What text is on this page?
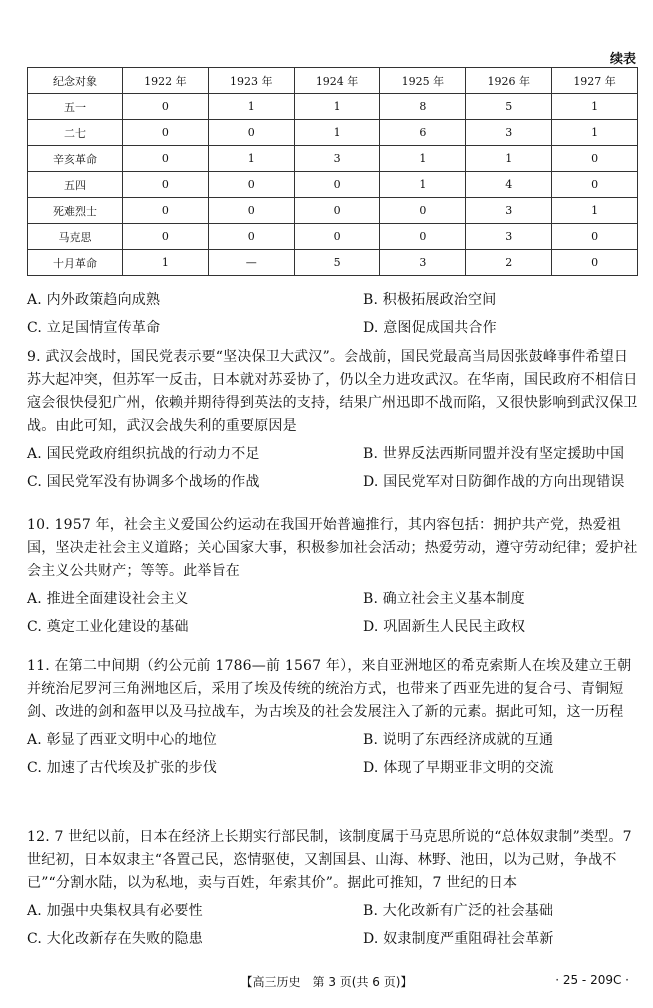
续表
纪念对象	1922 年	1923 年	1924 年	1925 年	1926 年	1927 年
五一	0	1	1	8	5	1
二七	0	0	1	6	3	1
辛亥革命	0	1	3	1	1	0
五四	0	0	0	1	4	0
死难烈士	0	0	0	0	3	1
马克思	0	0	0	0	3	0
十月革命	1	—	5	3	2	0
A. 内外政策趋向成熟	B. 积极拓展政治空间
C. 立足国情宣传革命	D. 意图促成国共合作

9. 武汉会战时，国民党表示要“坚决保卫大武汉”。会战前，国民党最高当局因张鼓峰事件希望日苏大起冲突，但苏军一反击，日本就对苏妥协了，仍以全力进攻武汉。在华南，国民政府不相信日寇会很快侵犯广州，依赖并期待得到英法的支持，结果广州迅即不战而陷，又很快影响到武汉保卫战。由此可知，武汉会战失利的重要原因是

A. 国民党政府组织抗战的行动力不足	B. 世界反法西斯同盟并没有坚定援助中国
C. 国民党军没有协调多个战场的作战	D. 国民党军对日防御作战的方向出现错误

10. 1957 年，社会主义爱国公约运动在我国开始普遍推行，其内容包括：拥护共产党，热爱祖国，坚决走社会主义道路；关心国家大事，积极参加社会活动；热爱劳动，遵守劳动纪律；爱护社会主义公共财产；等等。此举旨在

A. 推进全面建设社会主义	B. 确立社会主义基本制度
C. 奠定工业化建设的基础	D. 巩固新生人民民主政权

11. 在第二中间期（约公元前 1786—前 1567 年），来自亚洲地区的希克索斯人在埃及建立王朝并统治尼罗河三角洲地区后，采用了埃及传统的统治方式，也带来了西亚先进的复合弓、青铜短剑、改进的剑和盔甲以及马拉战车，为古埃及的社会发展注入了新的元素。据此可知，这一历程

A. 彰显了西亚文明中心的地位	B. 说明了东西经济成就的互通
C. 加速了古代埃及扩张的步伐	D. 体现了早期亚非文明的交流

12. 7 世纪以前，日本在经济上长期实行部民制，该制度属于马克思所说的“总体奴隶制”类型。7 世纪初，日本奴隶主“各置己民，恣情驱使，又割国县、山海、林野、池田，以为己财，争战不已”“分割水陆，以为私地，卖与百姓，年索其价”。据此可推知，7 世纪的日本

A. 加强中央集权具有必要性	B. 大化改新有广泛的社会基础
C. 大化改新存在失败的隐患	D. 奴隶制度严重阻碍社会革新
【高三历史　第 3 页(共 6 页)】	· 25 - 209C ·
